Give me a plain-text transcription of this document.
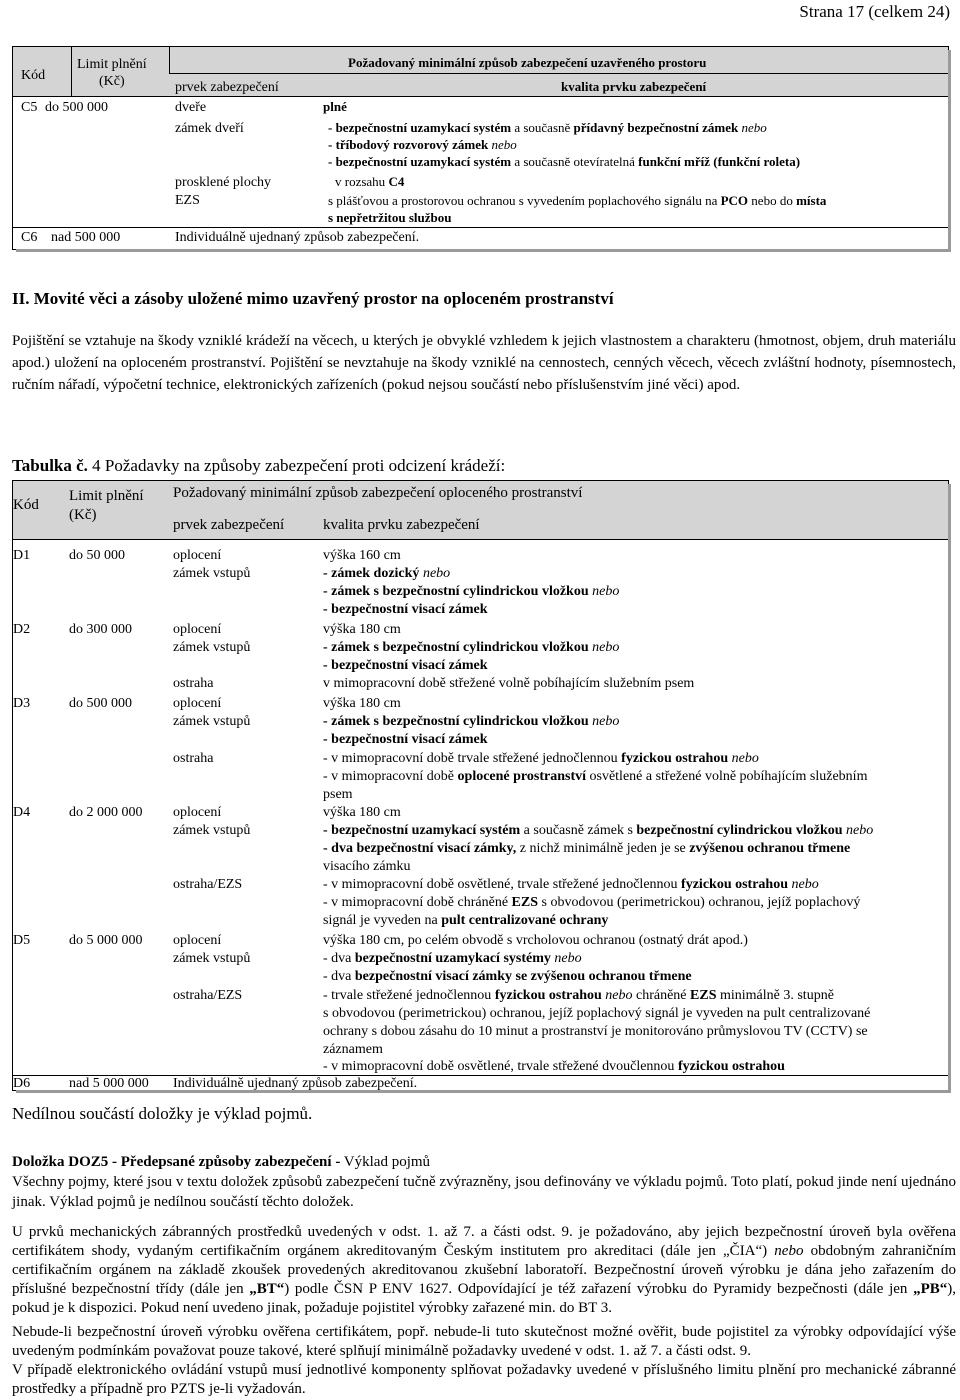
Strana 17 (celkem 24)
Kód
Limit plnění
(Kč)
Požadovaný minimální způsob zabezpečení uzavřeného prostoru
prvek zabezpečení	kvalita prvku zabezpečení
C5 do 500 000	dveře	plné
zámek dveří	- bezpečnostní uzamykací systém a současně přídavný bezpečnostní zámek nebo
- tříbodový rozvorový zámek nebo
- bezpečnostní uzamykací systém a současně otevíratelná funkční mříž (funkční roleta)
prosklené plochy	v rozsahu C4
EZS	s plášťovou a prostorovou ochranou s vyvedením poplachového signálu na PCO nebo do místa
s nepřetržitou službou
C6 nad 500 000	Individuálně ujednaný způsob zabezpečení.
II. Movité věci a zásoby uložené mimo uzavřený prostor na oploceném prostranství
Pojištění se vztahuje na škody vzniklé krádeží na věcech, u kterých je obvyklé vzhledem k jejich vlastnostem a charakteru (hmotnost, objem, druh materiálu apod.) uložení na oploceném prostranství. Pojištění se nevztahuje na škody vzniklé na cennostech, cenných věcech, věcech zvláštní hodnoty, písemnostech, ručním nářadí, výpočetní technice, elektronických zařízeních (pokud nejsou součástí nebo příslušenstvím jiné věci) apod.
Tabulka č. 4 Požadavky na způsoby zabezpečení proti odcizení krádeží:
Kód
Limit plnění
(Kč)
Požadovaný minimální způsob zabezpečení oploceného prostranství
prvek zabezpečení	kvalita prvku zabezpečení
D1	do 50 000	oplocení	výška 160 cm
zámek vstupů	- zámek dozický nebo
- zámek s bezpečnostní cylindrickou vložkou nebo
- bezpečnostní visací zámek
D2	do 300 000	oplocení	výška 180 cm
zámek vstupů	- zámek s bezpečnostní cylindrickou vložkou nebo
- bezpečnostní visací zámek
ostraha	v mimopracovní době střežené volně pobíhajícím služebním psem
D3	do 500 000	oplocení	výška 180 cm
zámek vstupů	- zámek s bezpečnostní cylindrickou vložkou nebo
- bezpečnostní visací zámek
ostraha	- v mimopracovní době trvale střežené jednočlennou fyzickou ostrahou nebo
- v mimopracovní době oplocené prostranství osvětlené a střežené volně pobíhajícím služebním
psem
D4	do 2 000 000 oplocení	výška 180 cm
zámek vstupů	- bezpečnostní uzamykací systém a současně zámek s bezpečnostní cylindrickou vložkou nebo
- dva bezpečnostní visací zámky, z nichž minimálně jeden je se zvýšenou ochranou třmene
visacího zámku
ostraha/EZS	- v mimopracovní době osvětlené, trvale střežené jednočlennou fyzickou ostrahou nebo
- v mimopracovní době chráněné EZS s obvodovou (perimetrickou) ochranou, jejíž poplachový
signál je vyveden na pult centralizované ochrany
D5	do 5 000 000 oplocení	výška 180 cm, po celém obvodě s vrcholovou ochranou (ostnatý drát apod.)
zámek vstupů	- dva bezpečnostní uzamykací systémy nebo
- dva bezpečnostní visací zámky se zvýšenou ochranou třmene
ostraha/EZS	- trvale střežené jednočlennou fyzickou ostrahou nebo chráněné EZS minimálně 3. stupně
s obvodovou (perimetrickou) ochranou, jejíž poplachový signál je vyveden na pult centralizované
ochrany s dobou zásahu do 10 minut a prostranství je monitorováno průmyslovou TV (CCTV) se
záznamem
- v mimopracovní době osvětlené, trvale střežené dvoučlennou fyzickou ostrahou
D6	nad 5 000 000 Individuálně ujednaný způsob zabezpečení.
Nedílnou součástí doložky je výklad pojmů.
Doložka DOZ5 - Předepsané způsoby zabezpečení - Výklad pojmů
Všechny pojmy, které jsou v textu doložek způsobů zabezpečení tučně zvýrazněny, jsou definovány ve výkladu pojmů. Toto platí, pokud jinde není ujednáno jinak. Výklad pojmů je nedílnou součástí těchto doložek.
U prvků mechanických zábranných prostředků uvedených v odst. 1. až 7. a části odst. 9. je požadováno, aby jejich bezpečnostní úroveň byla ověřena certifikátem shody, vydaným certifikačním orgánem akreditovaným Českým institutem pro akreditaci (dále jen „ČIA“) nebo obdobným zahraničním certifikačním orgánem na základě zkoušek provedených akreditovanou zkušební laboratoří. Bezpečnostní úroveň výrobku je dána jeho zařazením do příslušné bezpečnostní třídy (dále jen „BT“) podle ČSN P ENV 1627. Odpovídající je též zařazení výrobku do Pyramidy bezpečnosti (dále jen „PB“), pokud je k dispozici. Pokud není uvedeno jinak, požaduje pojistitel výrobky zařazené min. do BT 3.
Nebude-li bezpečnostní úroveň výrobku ověřena certifikátem, popř. nebude-li tuto skutečnost možné ověřit, bude pojistitel za výrobky odpovídající výše uvedeným podmínkám považovat pouze takové, které splňují minimálně požadavky uvedené v odst. 1. až 7. a části odst. 9.
V případě elektronického ovládání vstupů musí jednotlivé komponenty splňovat požadavky uvedené v příslušného limitu plnění pro mechanické zábranné prostředky a případně pro PZTS je-li vyžadován.
